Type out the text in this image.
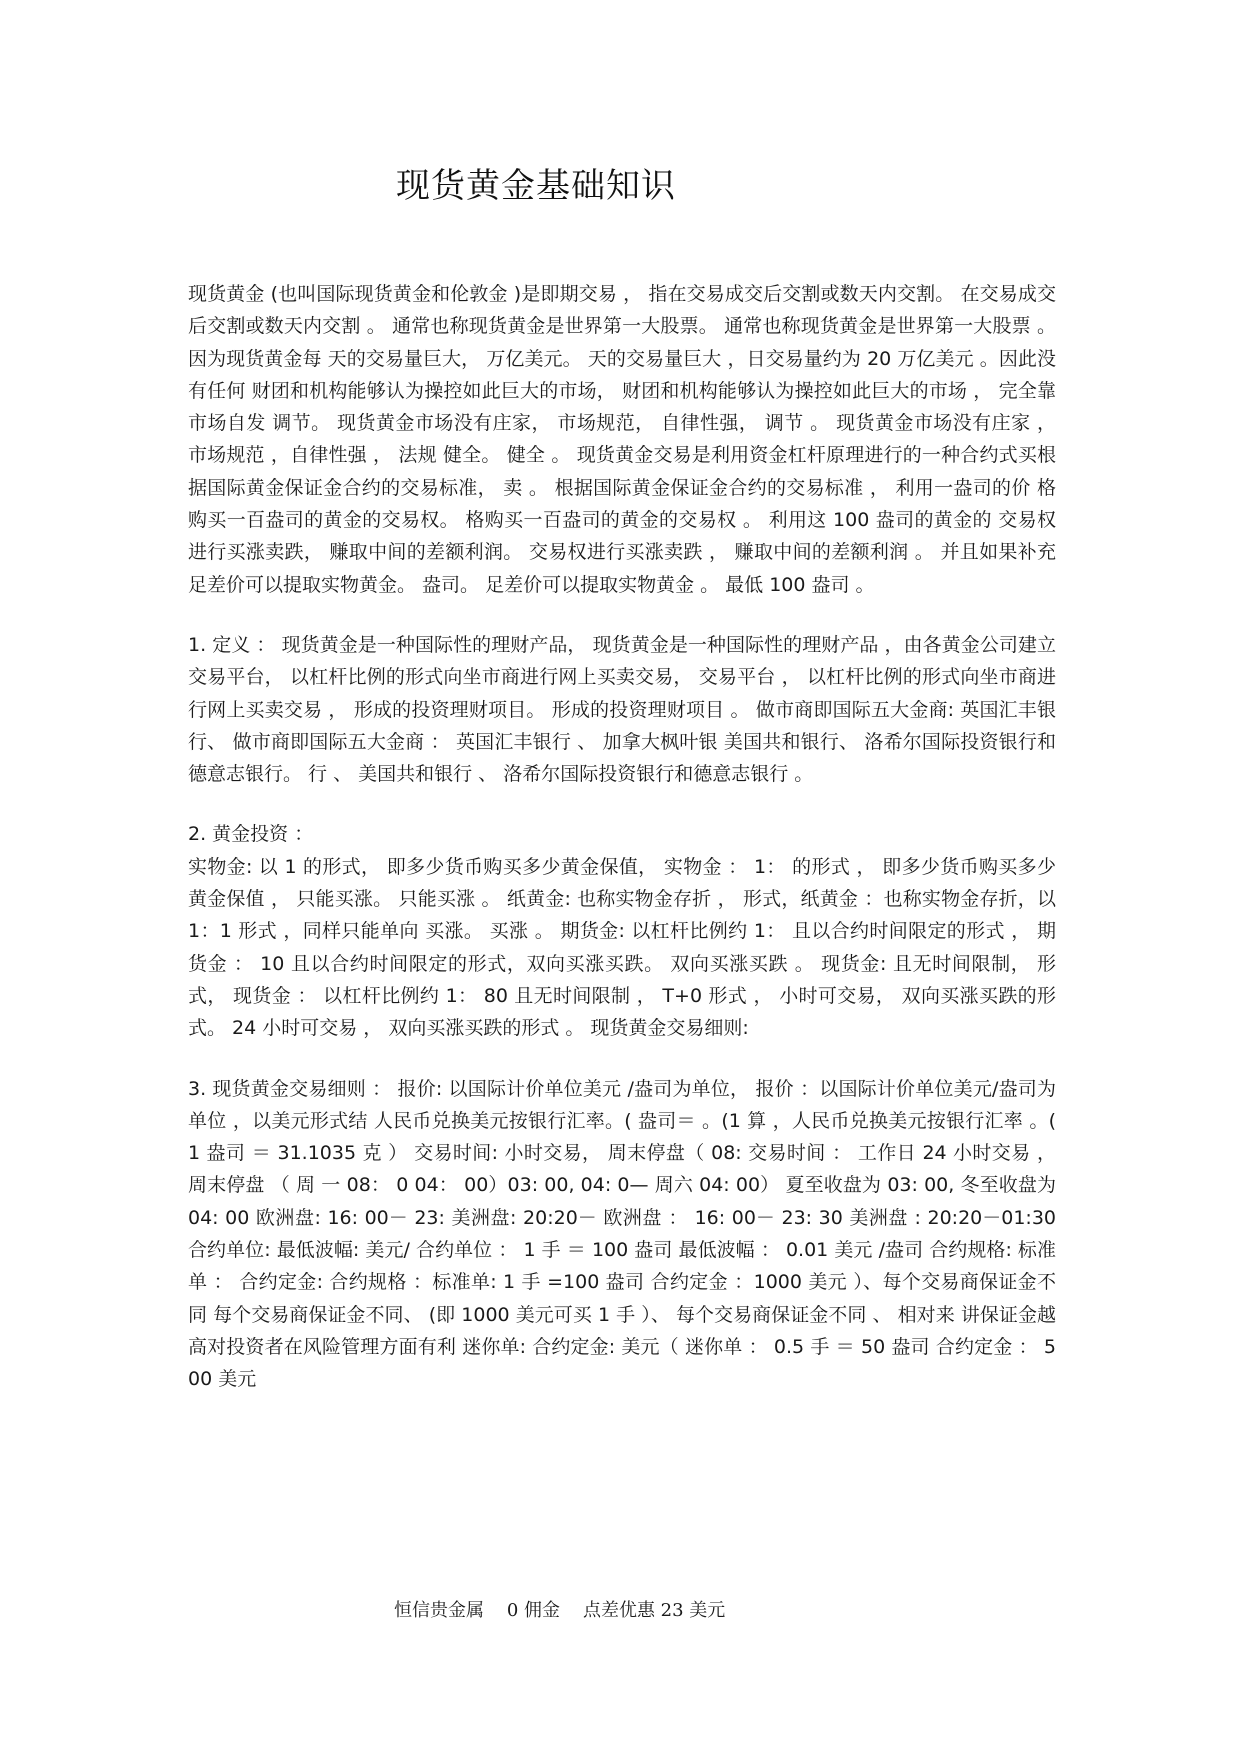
现货黄金基础知识

现货黄金 (也叫国际现货黄金和伦敦金 )是即期交易 ， 指在交易成交后交割或数天内交割。 在交易成交后交割或数天内交割 。 通常也称现货黄金是世界第一大股票。 通常也称现货黄金是世界第一大股票 。 因为现货黄金每 天的交易量巨大， 万亿美元。 天的交易量巨大 ，日交易量约为 20 万亿美元 。因此没有任何 财团和机构能够认为操控如此巨大的市场， 财团和机构能够认为操控如此巨大的市场 ， 完全靠市场自发 调节。 现货黄金市场没有庄家， 市场规范， 自律性强， 调节 。 现货黄金市场没有庄家 ， 市场规范 ，自律性强 ， 法规 健全。 健全 。 现货黄金交易是利用资金杠杆原理进行的一种合约式买根据国际黄金保证金合约的交易标准， 卖 。 根据国际黄金保证金合约的交易标准 ， 利用一盎司的价 格购买一百盎司的黄金的交易权。 格购买一百盎司的黄金的交易权 。 利用这 100 盎司的黄金的 交易权进行买涨卖跌， 赚取中间的差额利润。 交易权进行买涨卖跌 ， 赚取中间的差额利润 。 并且如果补充 足差价可以提取实物黄金。 盎司。 足差价可以提取实物黄金 。 最低 100 盎司 。

1. 定义 ： 现货黄金是一种国际性的理财产品， 现货黄金是一种国际性的理财产品 ，由各黄金公司建立 交易平台， 以杠杆比例的形式向坐市商进行网上买卖交易， 交易平台 ， 以杠杆比例的形式向坐市商进行网上买卖交易 ， 形成的投资理财项目。 形成的投资理财项目 。 做市商即国际五大金商: 英国汇丰银行、 做市商即国际五大金商 ： 英国汇丰银行 、 加拿大枫叶银 美国共和银行、 洛希尔国际投资银行和德意志银行。 行 、 美国共和银行 、 洛希尔国际投资银行和德意志银行 。

2. 黄金投资 ：

实物金: 以 1 的形式， 即多少货币购买多少黄金保值， 实物金 ： 1： 的形式 ， 即多少货币购买多少黄金保值 ， 只能买涨。 只能买涨 。 纸黄金: 也称实物金存折 ， 形式，纸黄金 ：也称实物金存折，以 1：1 形式 ，同样只能单向 买涨。 买涨 。 期货金: 以杠杆比例约 1： 且以合约时间限定的形式 ， 期货金 ： 10 且以合约时间限定的形式，双向买涨买跌。 双向买涨买跌 。 现货金: 且无时间限制， 形式， 现货金 ： 以杠杆比例约 1： 80 且无时间限制 ， T+0 形式 ， 小时可交易， 双向买涨买跌的形式。 24 小时可交易 ， 双向买涨买跌的形式 。 现货黄金交易细则:

3. 现货黄金交易细则 ： 报价: 以国际计价单位美元 /盎司为单位， 报价 ：以国际计价单位美元/盎司为单位 ，以美元形式结 人民币兑换美元按银行汇率。( 盎司＝ 。(1 算 ，人民币兑换美元按银行汇率 。( 1 盎司 ＝ 31.1035 克 ） 交易时间: 小时交易， 周末停盘（ 08: 交易时间 ： 工作日 24 小时交易 ， 周末停盘 （ 周 一 08： 0 04： 00）03: 00, 04: 0— 周六 04: 00） 夏至收盘为 03: 00, 冬至收盘为 04: 00 欧洲盘: 16: 00－ 23: 美洲盘: 20:20－ 欧洲盘 ： 16: 00－ 23: 30 美洲盘 : 20:20－01:30 合约单位: 最低波幅: 美元/ 合约单位 ： 1 手 ＝ 100 盎司 最低波幅 ： 0.01 美元 /盎司 合约规格: 标准单 ： 合约定金: 合约规格 ：标准单: 1 手 =100 盎司 合约定金 ：1000 美元 ）、每个交易商保证金不同 每个交易商保证金不同、 (即 1000 美元可买 1 手 ）、 每个交易商保证金不同 、 相对来 讲保证金越高对投资者在风险管理方面有利 迷你单: 合约定金: 美元（ 迷你单 ： 0.5 手 ＝ 50 盎司 合约定金 ： 500 美元

恒信贵金属    0 佣金    点差优惠 23 美元
